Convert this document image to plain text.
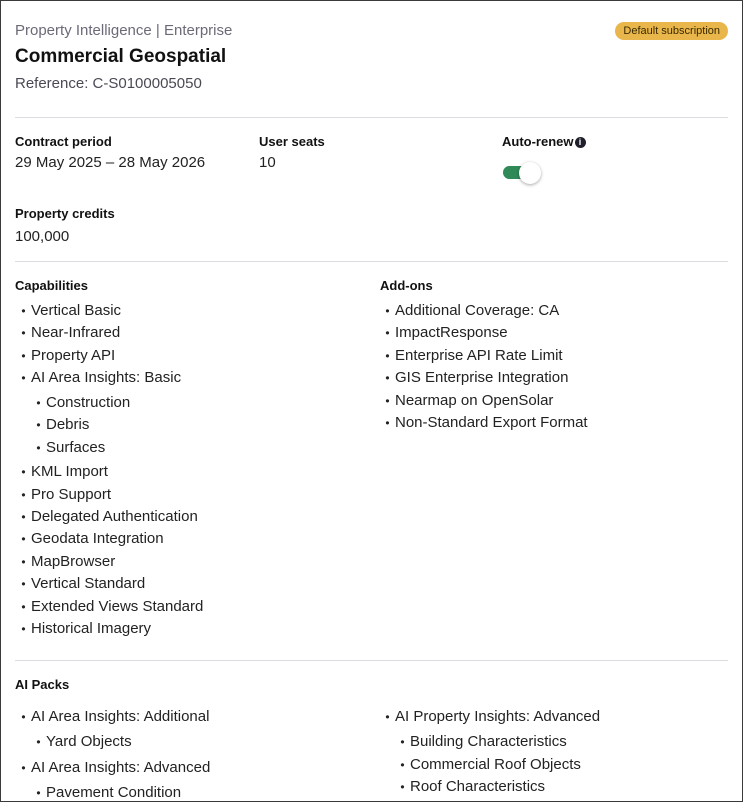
Property Intelligence | Enterprise	Default subscription
Commercial Geospatial
Reference: C-S0100005050
Contract period
29 May 2025 – 28 May 2026
User seats
10
Auto-renew i
Property credits
100,000
Capabilities
• Vertical Basic
• Near-Infrared
• Property API
• AI Area Insights: Basic
• Construction
• Debris
• Surfaces
• KML Import
• Pro Support
• Delegated Authentication
• Geodata Integration
• MapBrowser
• Vertical Standard
• Extended Views Standard
• Historical Imagery
Add-ons
• Additional Coverage: CA
• ImpactResponse
• Enterprise API Rate Limit
• GIS Enterprise Integration
• Nearmap on OpenSolar
• Non-Standard Export Format
AI Packs
• AI Area Insights: Additional
• Yard Objects
• AI Area Insights: Advanced
• Pavement Condition
• AI Property Insights: Advanced
• Building Characteristics
• Commercial Roof Objects
• Roof Characteristics
